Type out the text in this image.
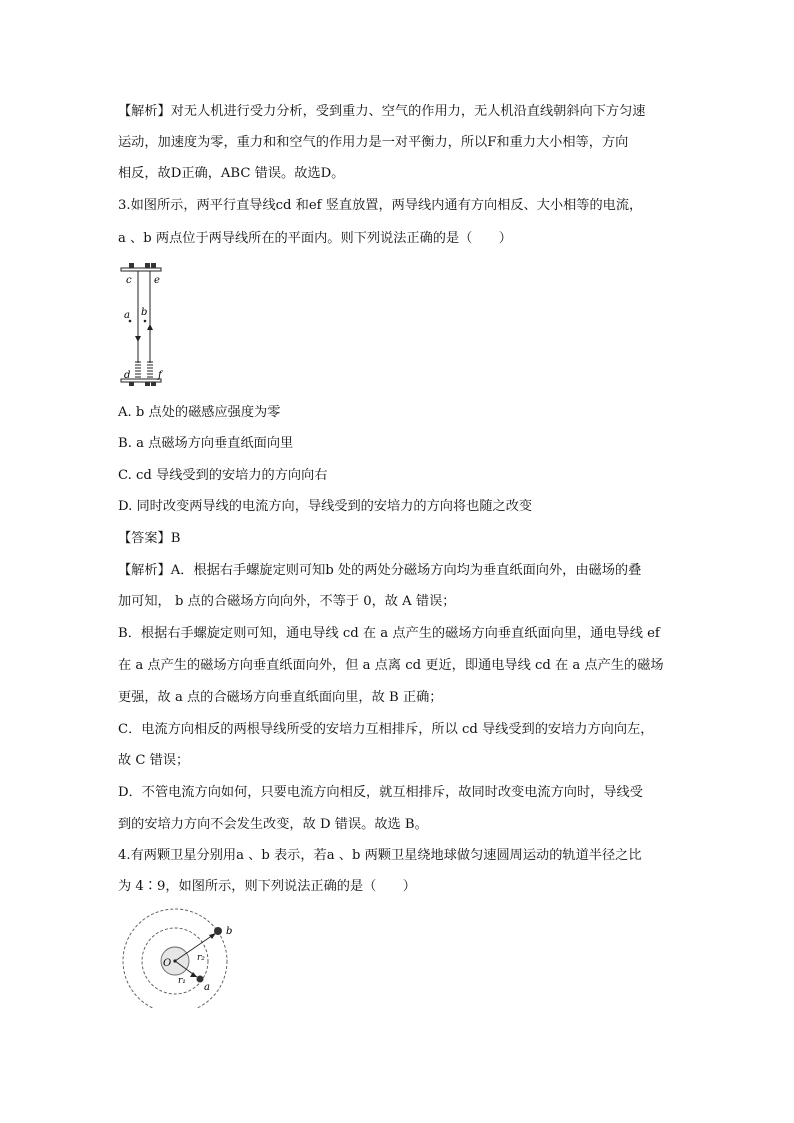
【解析】对无人机进行受力分析，受到重力、空气的作用力，无人机沿直线朝斜向下方匀速
运动，加速度为零，重力和和空气的作用力是一对平衡力，所以F和重力大小相等，方向
相反，故D正确，ABC 错误。故选D。
3.如图所示，两平行直导线cd 和ef 竖直放置，两导线内通有方向相反、大小相等的电流，
a 、b 两点位于两导线所在的平面内。则下列说法正确的是（　　）
c e
a b
d	f
A. b 点处的磁感应强度为零
B. a 点磁场方向垂直纸面向里
C. cd 导线受到的安培力的方向向右
D. 同时改变两导线的电流方向，导线受到的安培力的方向将也随之改变
【答案】B
【解析】A．根据右手螺旋定则可知b 处的两处分磁场方向均为垂直纸面向外，由磁场的叠
加可知， b 点的合磁场方向向外，不等于 0，故 A 错误；
B．根据右手螺旋定则可知，通电导线 cd 在 a 点产生的磁场方向垂直纸面向里，通电导线 ef
在 a 点产生的磁场方向垂直纸面向外，但 a 点离 cd 更近，即通电导线 cd 在 a 点产生的磁场
更强，故 a 点的合磁场方向垂直纸面向里，故 B 正确；
C．电流方向相反的两根导线所受的安培力互相排斥，所以 cd 导线受到的安培力方向向左，
故 C 错误；
D．不管电流方向如何，只要电流方向相反，就互相排斥，故同时改变电流方向时，导线受
到的安培力方向不会发生改变，故 D 错误。故选 B。
4.有两颗卫星分别用a 、b 表示，若a 、b 两颗卫星绕地球做匀速圆周运动的轨道半径之比
为 4∶9，如图所示，则下列说法正确的是（　　）
O
b
a
r₂
r₁
